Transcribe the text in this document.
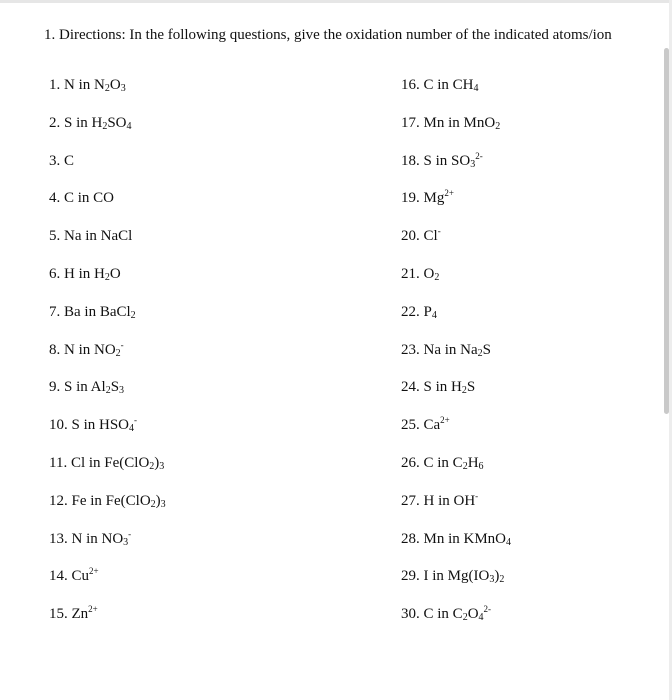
1. Directions: In the following questions, give the oxidation number of the indicated atoms/ion
1. N in $N_2O_3$
2. S in $H_2SO_4$
3. C
4. C in CO
5. Na in NaCl
6. H in $H_2O$
7. Ba in BaCl$_2$
8. N in $NO_2^-$
9. S in $Al_2S_3$
10. S in $HSO_4^-$
11. Cl in $Fe(ClO_2)_3$
12. Fe in $Fe(ClO_2)_3$
13. N in $NO_3^-$
14. $Cu^{2+}$
15. $Zn^{2+}$
16. C in $CH_4$
17. Mn in MnO$_2$
18. S in $SO_3^{2-}$
19. $Mg^{2+}$
20. Cl-
21. $O_2$
22. $P_4$
23. Na in $Na_2S$
24. S in $H_2S$
25. $Ca^{2+}$
26. C in $C_2H_6$
27. H in OH-
28. Mn in KMnO$_4$
29. I in $Mg(IO_3)_2$
30. C in $C_2O_4^{2-}$
